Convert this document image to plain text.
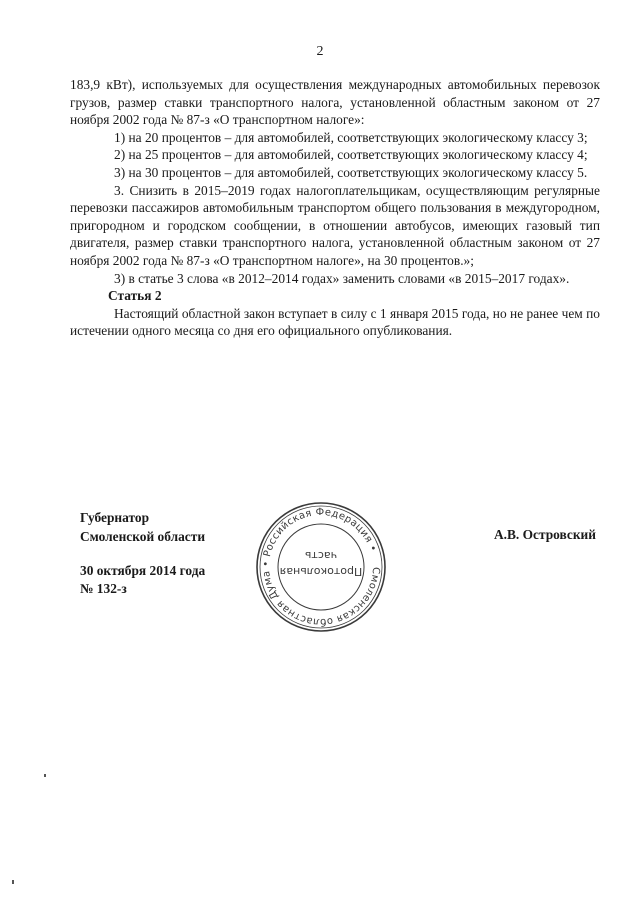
2

183,9 кВт), используемых для осуществления международных автомобильных перевозок грузов, размер ставки транспортного налога, установленной областным законом от 27 ноября 2002 года № 87-з «О транспортном налоге»:

1) на 20 процентов – для автомобилей, соответствующих экологическому классу 3;

2) на 25 процентов – для автомобилей, соответствующих экологическому классу 4;

3) на 30 процентов – для автомобилей, соответствующих экологическому классу 5.

3. Снизить в 2015–2019 годах налогоплательщикам, осуществляющим регулярные перевозки пассажиров автомобильным транспортом общего пользования в междугородном, пригородном и городском сообщении, в отношении автобусов, имеющих газовый тип двигателя, размер ставки транспортного налога, установленной областным законом от 27 ноября 2002 года № 87-з «О транспортном налоге», на 30 процентов.»;

3) в статье 3 слова «в 2012–2014 годах» заменить словами «в 2015–2017 годах».

Статья 2

Настоящий областной закон вступает в силу с 1 января 2015 года, но не ранее чем по истечении одного месяца со дня его официального опубликования.

Губернатор
Смоленской области	А.В. Островский
30 октября 2014 года
№ 132-з
Смоленская областная Дума • Российская Федерация •
Протокольная
часть
